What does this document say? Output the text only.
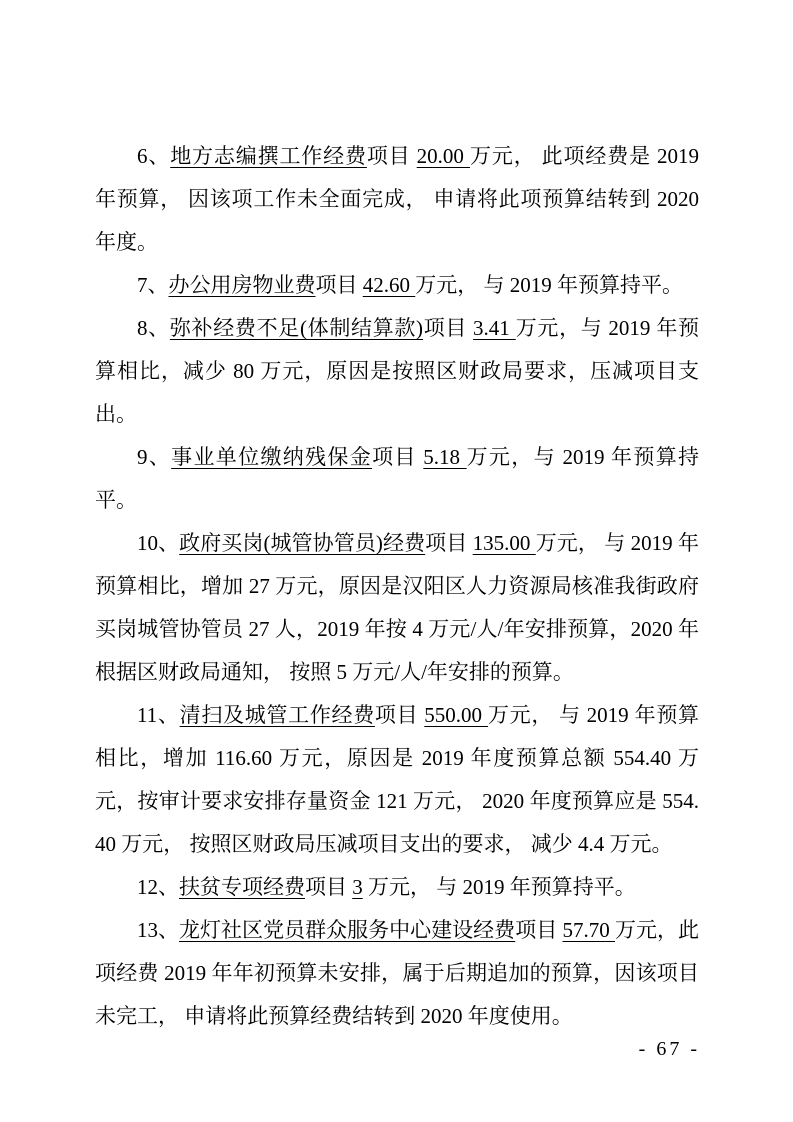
6、地方志编撰工作经费项目 20.00 万元， 此项经费是 2019 年预算， 因该项工作未全面完成， 申请将此项预算结转到 2020 年度。

7、办公用房物业费项目 42.60 万元， 与 2019 年预算持平。

8、弥补经费不足(体制结算款)项目 3.41 万元，与 2019 年预算相比，减少 80 万元，原因是按照区财政局要求，压减项目支出。

9、事业单位缴纳残保金项目 5.18 万元，与 2019 年预算持平。

10、政府买岗(城管协管员)经费项目 135.00 万元， 与 2019 年预算相比，增加 27 万元，原因是汉阳区人力资源局核准我街政府买岗城管协管员 27 人，2019 年按 4 万元/人/年安排预算，2020 年根据区财政局通知， 按照 5 万元/人/年安排的预算。

11、清扫及城管工作经费项目 550.00 万元， 与 2019 年预算相比，增加 116.60 万元，原因是 2019 年度预算总额 554.40 万元，按审计要求安排存量资金 121 万元， 2020 年度预算应是 554.40 万元， 按照区财政局压减项目支出的要求， 减少 4.4 万元。

12、扶贫专项经费项目 3 万元， 与 2019 年预算持平。

13、龙灯社区党员群众服务中心建设经费项目 57.70 万元，此项经费 2019 年年初预算未安排，属于后期追加的预算，因该项目未完工， 申请将此预算经费结转到 2020 年度使用。

- 67 -
